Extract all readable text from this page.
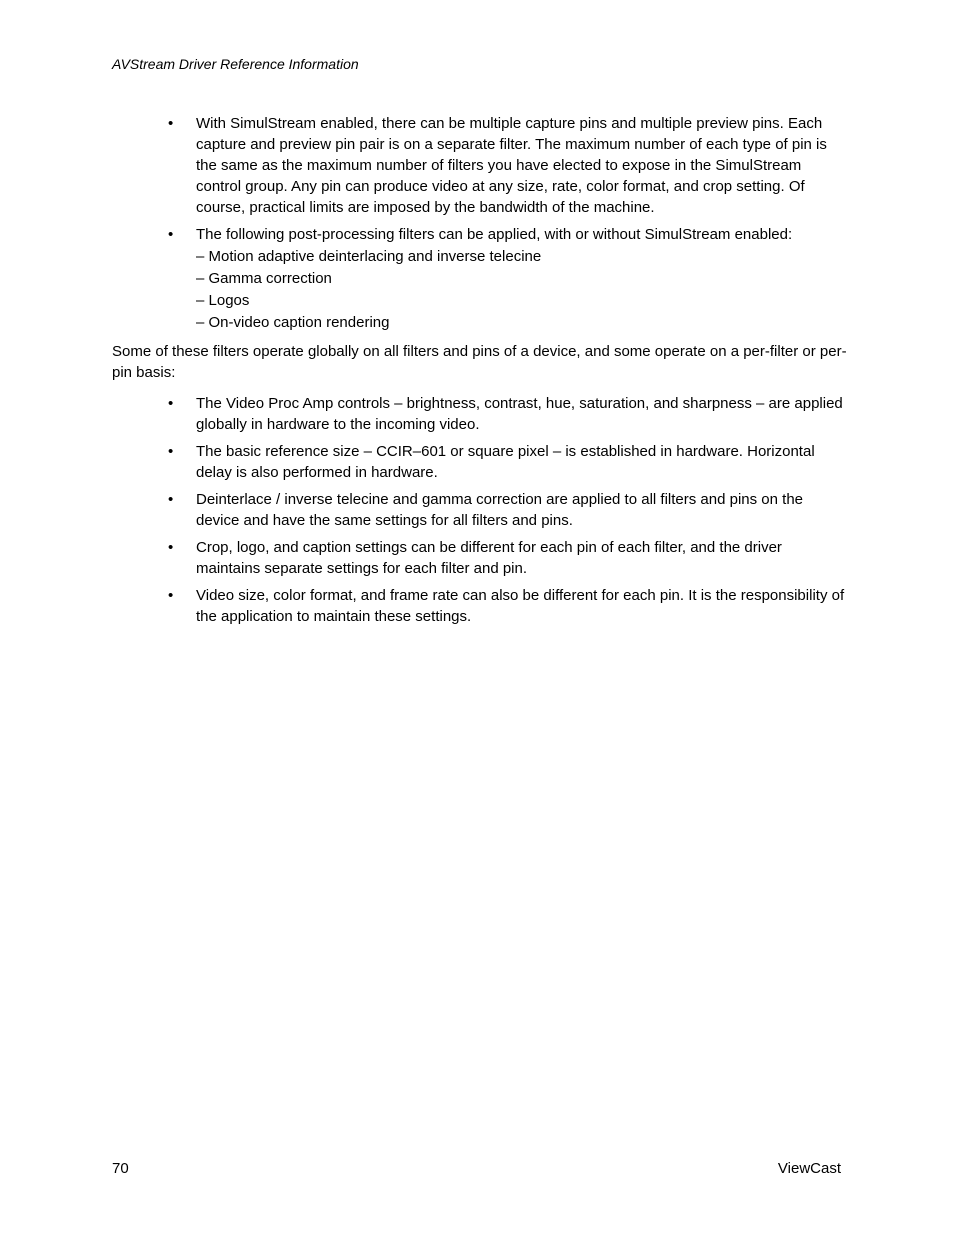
AVStream Driver Reference Information
•	With SimulStream enabled, there can be multiple capture pins and multiple preview pins. Each capture and preview pin pair is on a separate filter. The maximum number of each type of pin is the same as the maximum number of filters you have elected to expose in the SimulStream control group. Any pin can produce video at any size, rate, color format, and crop setting. Of course, practical limits are imposed by the bandwidth of the machine.
•	The following post-processing filters can be applied, with or without SimulStream enabled:
– Motion adaptive deinterlacing and inverse telecine
– Gamma correction
– Logos
– On-video caption rendering
Some of these filters operate globally on all filters and pins of a device, and some operate on a per-filter or per-pin basis:
•	The Video Proc Amp controls – brightness, contrast, hue, saturation, and sharpness – are applied globally in hardware to the incoming video.
•	The basic reference size – CCIR–601 or square pixel – is established in hardware. Horizontal delay is also performed in hardware.
•	Deinterlace / inverse telecine and gamma correction are applied to all filters and pins on the device and have the same settings for all filters and pins.
•	Crop, logo, and caption settings can be different for each pin of each filter, and the driver maintains separate settings for each filter and pin.
•	Video size, color format, and frame rate can also be different for each pin. It is the responsibility of the application to maintain these settings.
70	ViewCast
